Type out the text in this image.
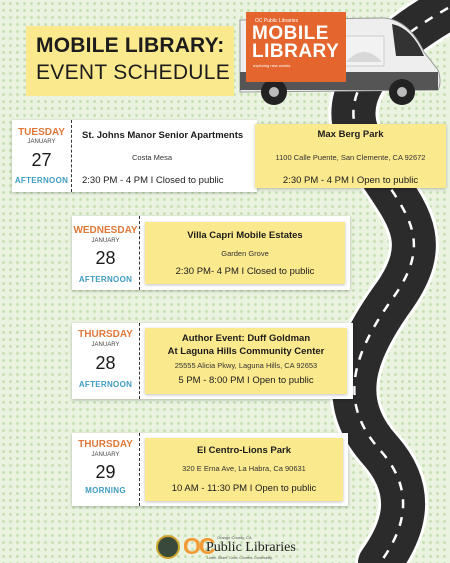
MOBILE LIBRARY:
EVENT SCHEDULE
OC Public Libraries
MOBILE
LIBRARY
exploring new worlds
TUESDAY
JANUARY
27
AFTERNOON
St. Johns Manor Senior Apartments
Costa Mesa
2:30 PM - 4 PM I Closed to public
Max Berg Park
1100 Calle Puente, San Clemente, CA 92672
2:30 PM - 4 PM I Open to public
WEDNESDAY
JANUARY
28
AFTERNOON
Villa Capri Mobile Estates
Garden Grove
2:30 PM- 4 PM I Closed to public
THURSDAY
JANUARY
28
AFTERNOON
Author Event: Duff Goldman
At Laguna Hills Community Center
25555 Alicia Pkwy, Laguna Hills, CA 92653
5 PM - 8:00 PM I Open to public
THURSDAY
JANUARY
29
MORNING
El Centro-Lions Park
320 E Erna Ave, La Habra, Ca 90631
10 AM - 11:30 PM I Open to public
OC Orange County, CA
Public Libraries
Learn. Share. Grow. Connect. Community.
